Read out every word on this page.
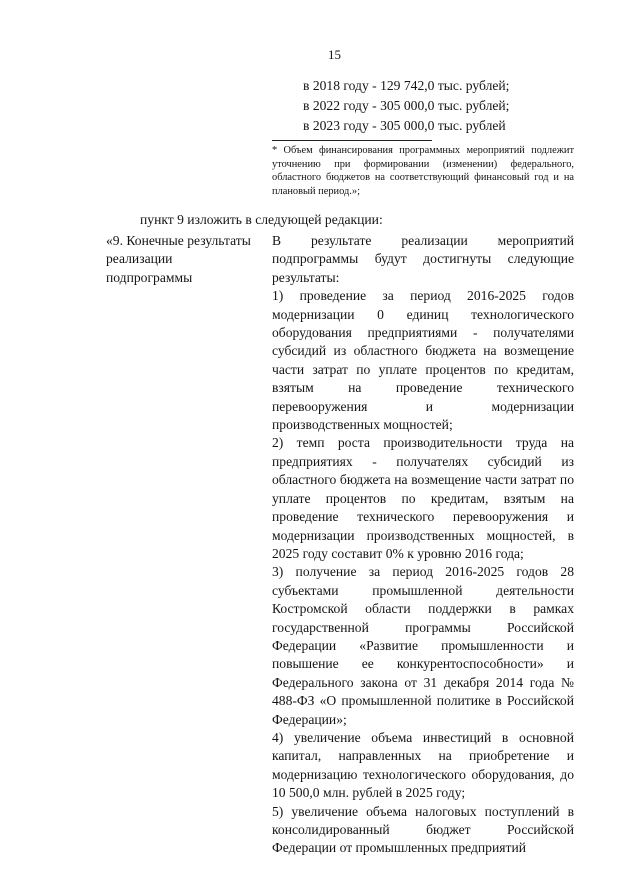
15
в 2018 году - 129 742,0 тыс. рублей;
в 2022 году - 305 000,0 тыс. рублей;
в 2023 году - 305 000,0 тыс. рублей
* Объем финансирования программных мероприятий подлежит уточнению при формировании (изменении) федерального, областного бюджетов на соответствующий финансовый год и на плановый период.»;
пункт 9 изложить в следующей редакции:
«9. Конечные результаты
реализации
подпрограммы
В результате реализации мероприятий подпрограммы будут достигнуты следующие результаты:
1) проведение за период 2016-2025 годов модернизации 0 единиц технологического оборудования предприятиями - получателями субсидий из областного бюджета на возмещение части затрат по уплате процентов по кредитам, взятым на проведение технического перевооружения и модернизации производственных мощностей;
2) темп роста производительности труда на предприятиях - получателях субсидий из областного бюджета на возмещение части затрат по уплате процентов по кредитам, взятым на проведение технического перевооружения и модернизации производственных мощностей, в 2025 году составит 0% к уровню 2016 года;
3) получение за период 2016-2025 годов 28 субъектами промышленной деятельности Костромской области поддержки в рамках государственной программы Российской Федерации «Развитие промышленности и повышение ее конкурентоспособности» и Федерального закона от 31 декабря 2014 года № 488-ФЗ «О промышленной политике в Российской Федерации»;
4) увеличение объема инвестиций в основной капитал, направленных на приобретение и модернизацию технологического оборудования, до 10 500,0 млн. рублей в 2025 году;
5) увеличение объема налоговых поступлений в консолидированный бюджет Российской Федерации от промышленных предприятий
